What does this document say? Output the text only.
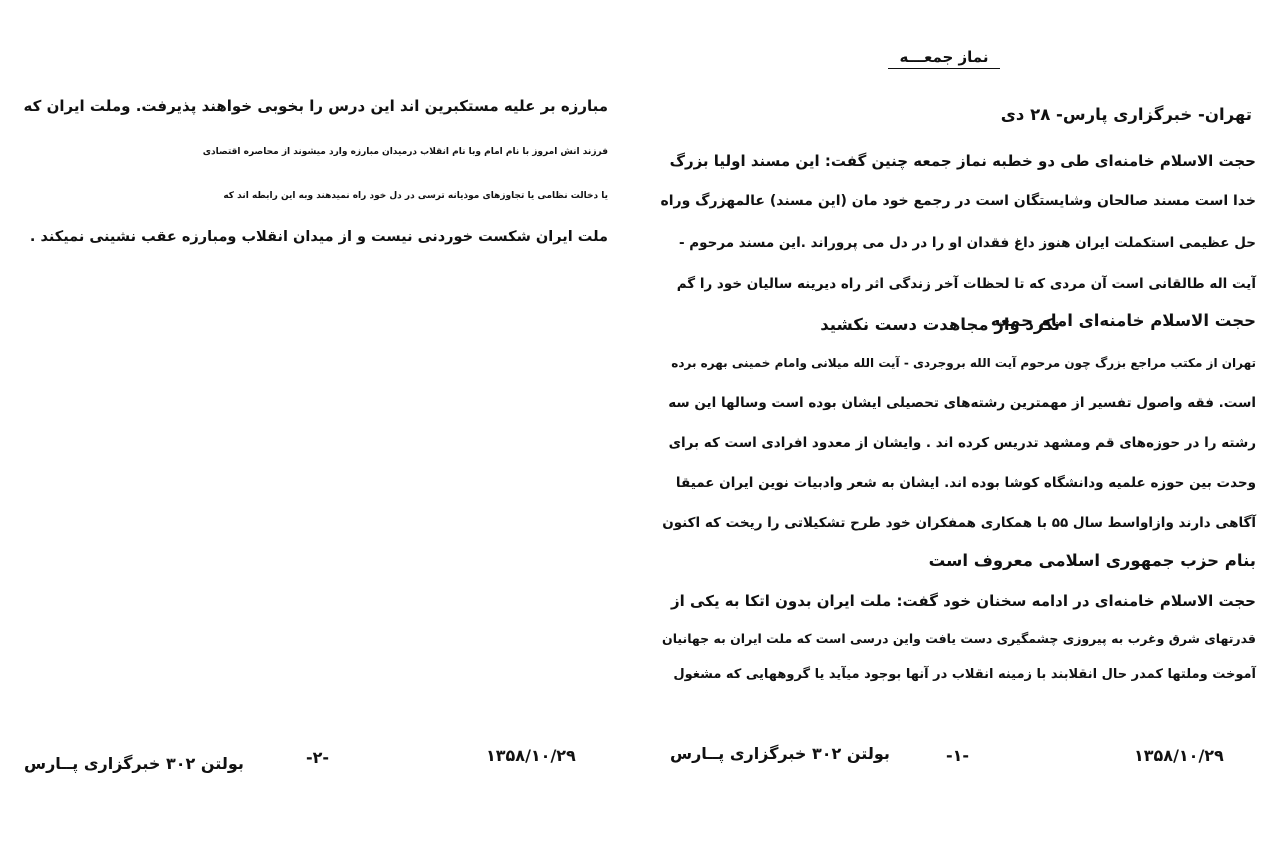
مبارزه بر علیه مستکبرین اند این درس را بخوبی خواهند پذیرفت. وملت ایران که
فرزند انش امروز با نام امام وبا نام انقلاب درمیدان مبارزه وارد میشوند از محاصره اقتصادی
یا دخالت نظامی یا تجاوزهای موذیانه ترسی در دل خود راه نمیدهند وبه این رابطه اند که
ملت ایران شکست خوردنی نیست و از میدان انقلاب ومبارزه عقب نشینی نمیکند .
بولتن ۳۰۲ خبرگزاری پــارس	-۲-	۱۳۵۸/۱۰/۲۹
نماز جمعـــه
تهران- خبرگزاری پارس- ۲۸ دی
حجت الاسلام خامنه‌ای طی دو خطبه نماز جمعه چنین گفت: این مسند اولیا بزرگ
خدا است مسند صالحان وشایستگان است در رجمع خود مان (این مسند) عالمهزرگ وراه
حل عظیمی استکملت ایران هنوز داغ فقدان او را در دل می پروراند .این مسند مرحوم -
آیت اله طالقانی است آن مردی که تا لحظات آخر زندگی اثر راه دیرینه سالیان خود را گم
نکرد واز مجاهدت دست نکشید
حجت الاسلام خامنه‌ای امام جمعه
تهران از مکتب مراجع بزرگ چون مرحوم آیت الله بروجردی - آیت الله میلانی وامام خمینی بهره برده
است. فقه واصول تفسیر از مهمترین رشته‌های تحصیلی ایشان بوده است وسالها این سه
رشته را در حوزه‌های قم ومشهد تدریس کرده اند . وایشان از معدود افرادی است که برای
وحدت بین حوزه علمیه ودانشگاه کوشا بوده اند. ایشان به شعر وادبیات نوین ایران عمیقا
آگاهی دارند وازاواسط سال ۵۵ با همکاری همفکران خود طرح تشکیلاتی را ریخت که اکنون
بنام حزب جمهوری اسلامی معروف است
حجت الاسلام خامنه‌ای در ادامه سخنان خود گفت: ملت ایران بدون اتکا به یکی از
قدرتهای شرق وغرب به پیروزی چشمگیری دست یافت واین درسی است که ملت ایران به جهانیان
آموخت وملتها کمدر حال انقلابند با زمینه انقلاب در آنها بوجود میآید یا گروههایی که مشغول
بولتن ۳۰۲ خبرگزاری پــارس	-۱-	۱۳۵۸/۱۰/۲۹
